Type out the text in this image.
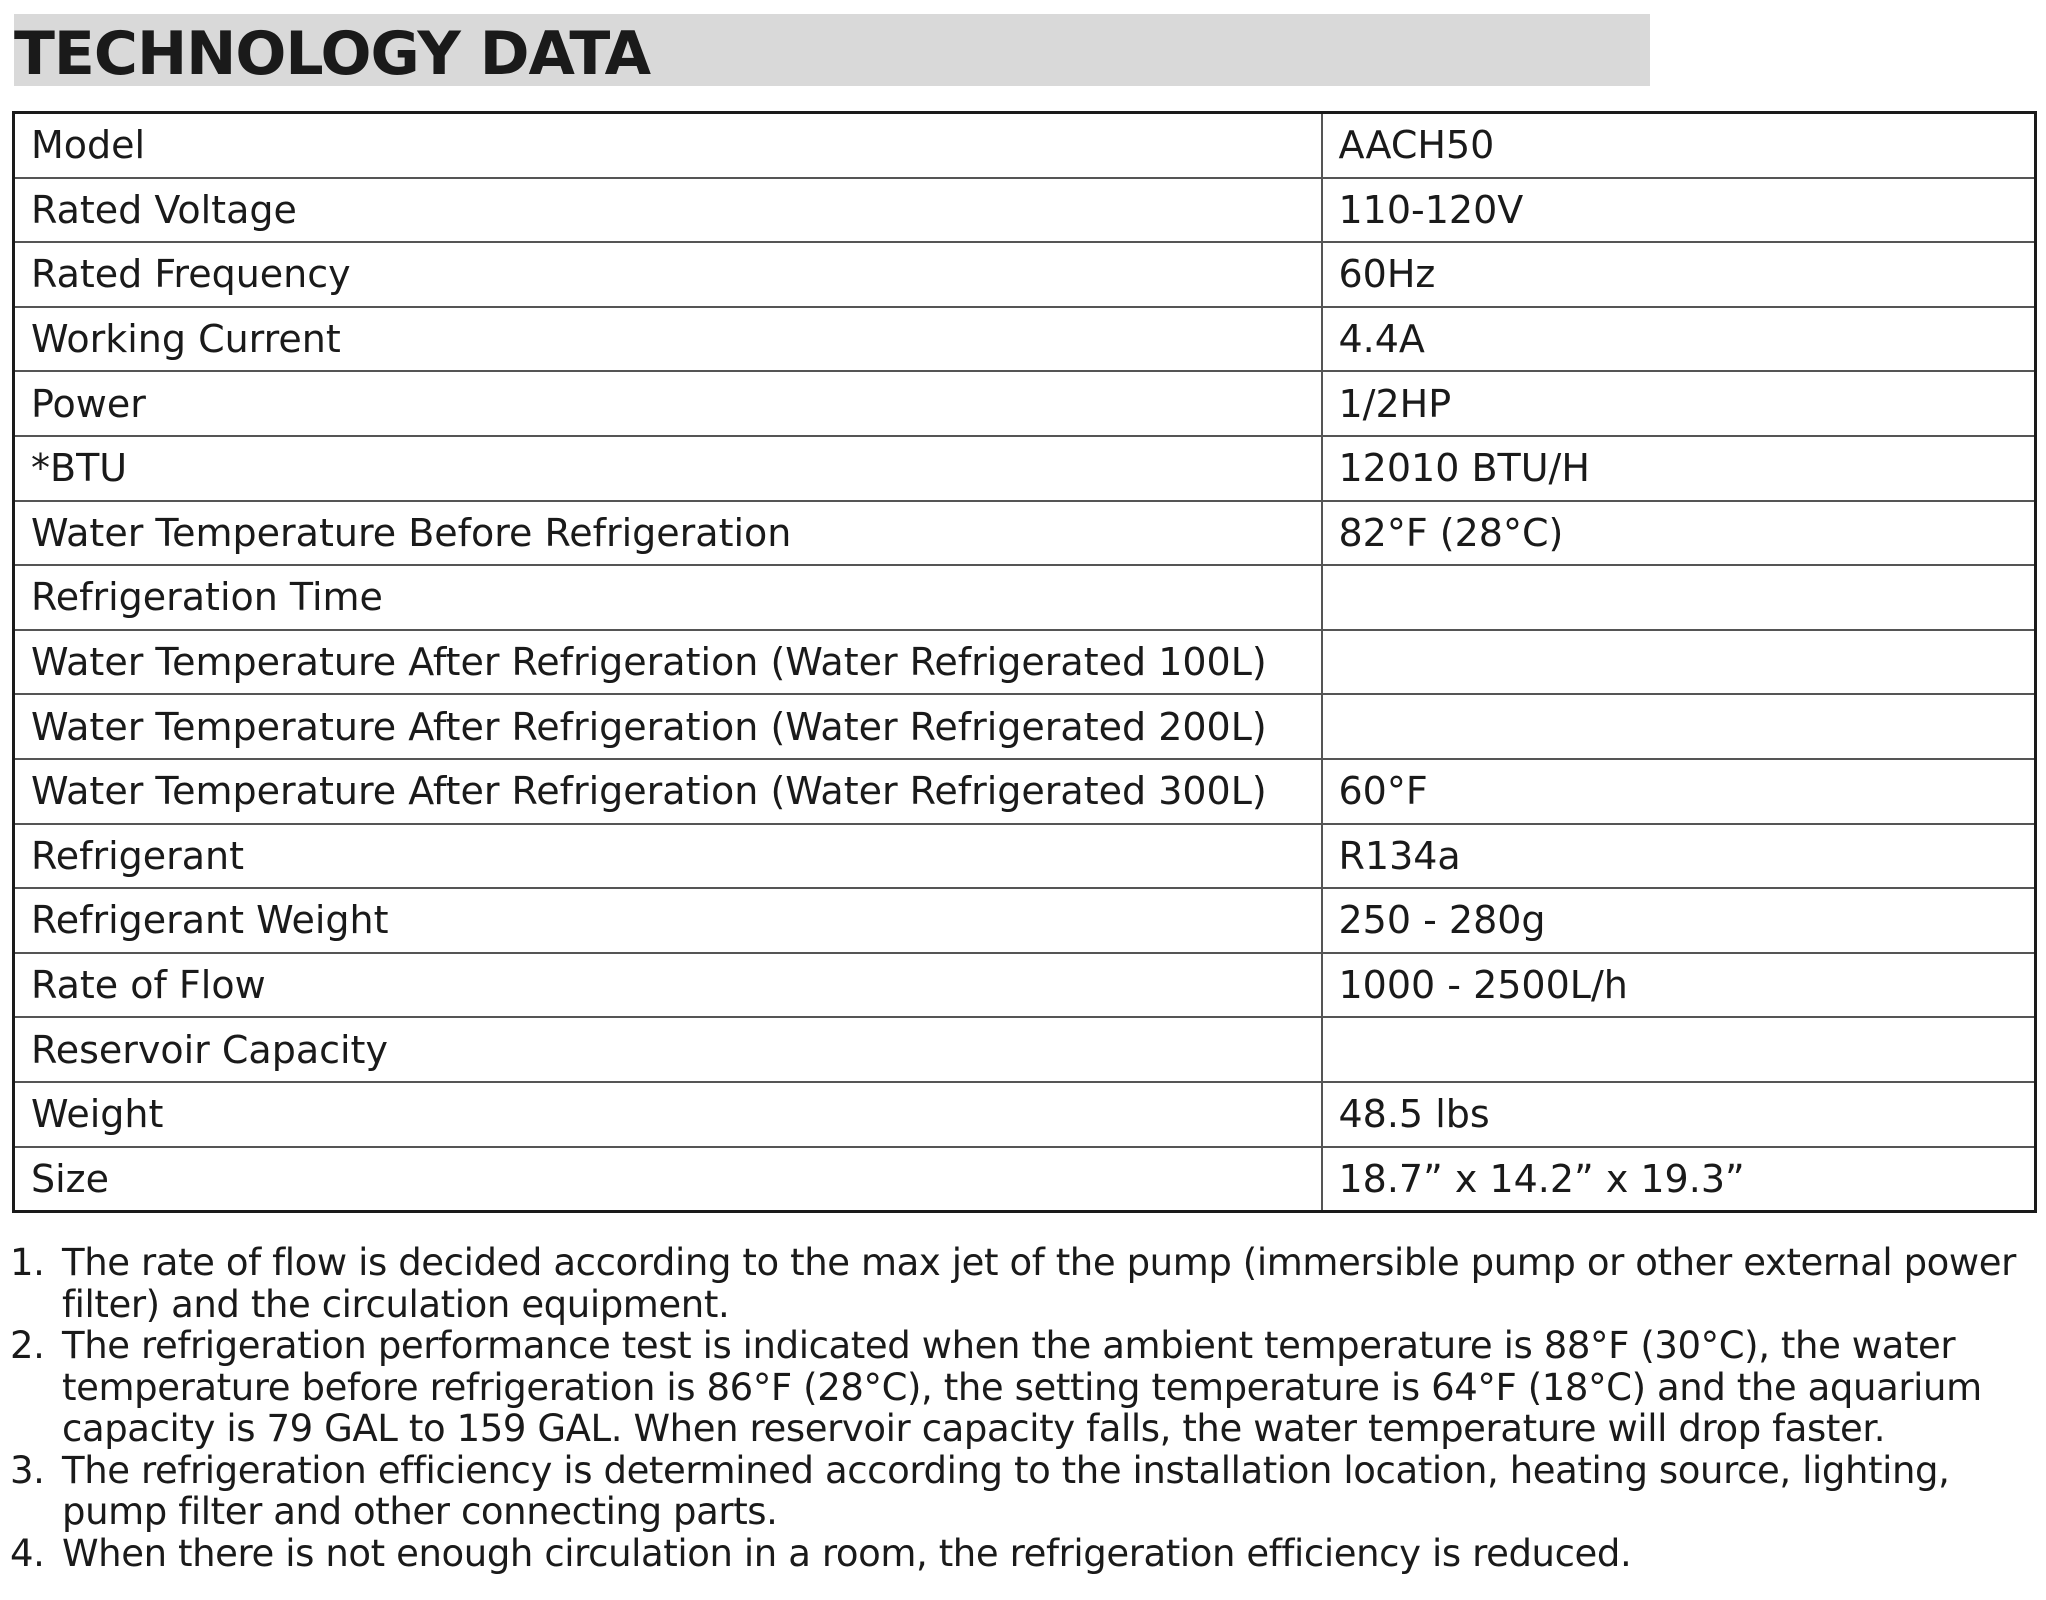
TECHNOLOGY DATA
Model	AACH50
Rated Voltage	110-120V
Rated Frequency	60Hz
Working Current	4.4A
Power	1/2HP
*BTU	12010 BTU/H
Water Temperature Before Refrigeration	82°F (28°C)
Refrigeration Time	
Water Temperature After Refrigeration (Water Refrigerated 100L)	
Water Temperature After Refrigeration (Water Refrigerated 200L)	
Water Temperature After Refrigeration (Water Refrigerated 300L)	60°F
Refrigerant	R134a
Refrigerant Weight	250 - 280g
Rate of Flow	1000 - 2500L/h
Reservoir Capacity	
Weight	48.5 lbs
Size	18.7” x 14.2” x 19.3”
1. The rate of flow is decided according to the max jet of the pump (immersible pump or other external power filter) and the circulation equipment.
2. The refrigeration performance test is indicated when the ambient temperature is 88°F (30°C), the water temperature before refrigeration is 86°F (28°C), the setting temperature is 64°F (18°C) and the aquarium capacity is 79 GAL to 159 GAL. When reservoir capacity falls, the water temperature will drop faster.
3. The refrigeration efficiency is determined according to the installation location, heating source, lighting, pump filter and other connecting parts.
4. When there is not enough circulation in a room, the refrigeration efficiency is reduced.
